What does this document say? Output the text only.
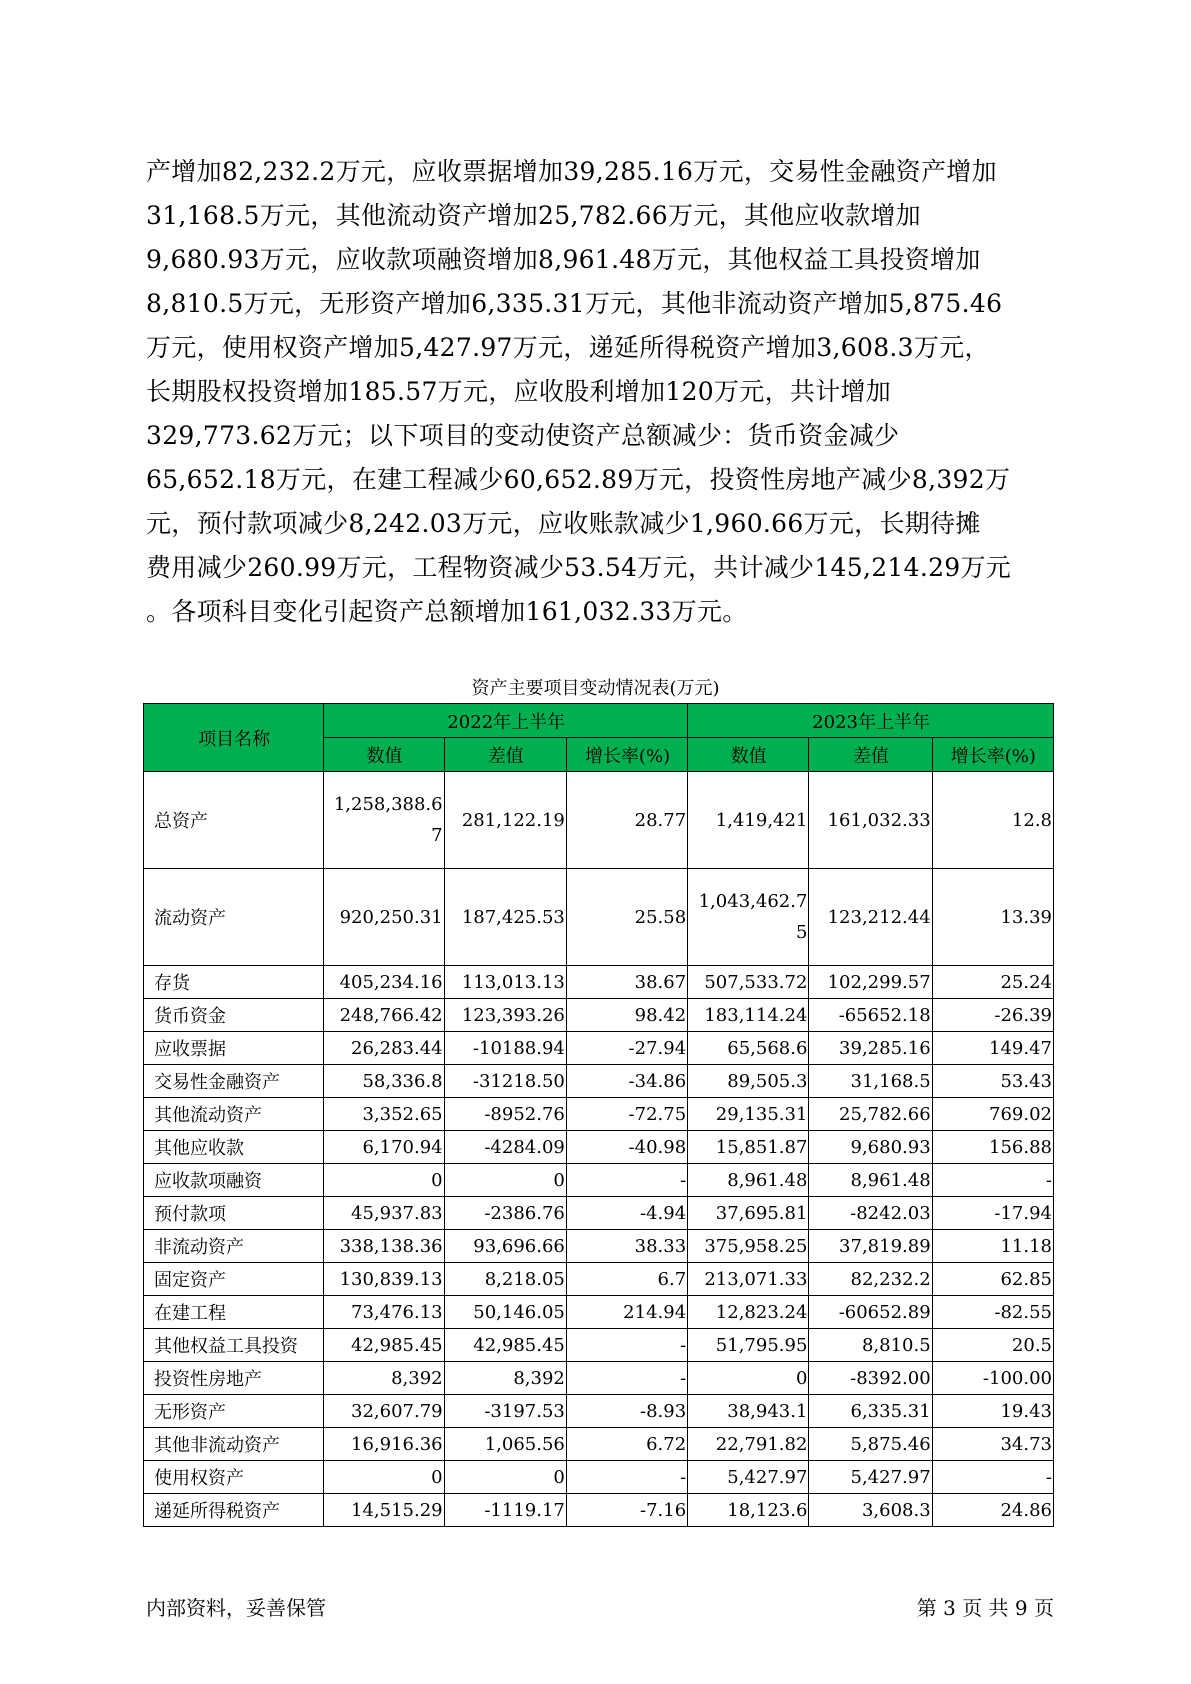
产增加82,232.2万元，应收票据增加39,285.16万元，交易性金融资产增加
31,168.5万元，其他流动资产增加25,782.66万元，其他应收款增加
9,680.93万元，应收款项融资增加8,961.48万元，其他权益工具投资增加
8,810.5万元，无形资产增加6,335.31万元，其他非流动资产增加5,875.46
万元，使用权资产增加5,427.97万元，递延所得税资产增加3,608.3万元，
长期股权投资增加185.57万元，应收股利增加120万元，共计增加
329,773.62万元；以下项目的变动使资产总额减少：货币资金减少
65,652.18万元，在建工程减少60,652.89万元，投资性房地产减少8,392万
元，预付款项减少8,242.03万元，应收账款减少1,960.66万元，长期待摊
费用减少260.99万元，工程物资减少53.54万元，共计减少145,214.29万元
。各项科目变化引起资产总额增加161,032.33万元。
资产主要项目变动情况表(万元)
项目名称	2022年上半年			2023年上半年		
	数值	差值	增长率(%)	数值	差值	增长率(%)
总资产	1,258,388.67	281,122.19	28.77	1,419,421	161,032.33	12.8
流动资产	920,250.31	187,425.53	25.58	1,043,462.75	123,212.44	13.39
存货	405,234.16	113,013.13	38.67	507,533.72	102,299.57	25.24
货币资金	248,766.42	123,393.26	98.42	183,114.24	-65652.18	-26.39
应收票据	26,283.44	-10188.94	-27.94	65,568.6	39,285.16	149.47
交易性金融资产	58,336.8	-31218.50	-34.86	89,505.3	31,168.5	53.43
其他流动资产	3,352.65	-8952.76	-72.75	29,135.31	25,782.66	769.02
其他应收款	6,170.94	-4284.09	-40.98	15,851.87	9,680.93	156.88
应收款项融资	0	0	-	8,961.48	8,961.48	-
预付款项	45,937.83	-2386.76	-4.94	37,695.81	-8242.03	-17.94
非流动资产	338,138.36	93,696.66	38.33	375,958.25	37,819.89	11.18
固定资产	130,839.13	8,218.05	6.7	213,071.33	82,232.2	62.85
在建工程	73,476.13	50,146.05	214.94	12,823.24	-60652.89	-82.55
其他权益工具投资	42,985.45	42,985.45	-	51,795.95	8,810.5	20.5
投资性房地产	8,392	8,392	-	0	-8392.00	-100.00
无形资产	32,607.79	-3197.53	-8.93	38,943.1	6,335.31	19.43
其他非流动资产	16,916.36	1,065.56	6.72	22,791.82	5,875.46	34.73
使用权资产	0	0	-	5,427.97	5,427.97	-
递延所得税资产	14,515.29	-1119.17	-7.16	18,123.6	3,608.3	24.86
内部资料，妥善保管	第 3 页 共 9 页
